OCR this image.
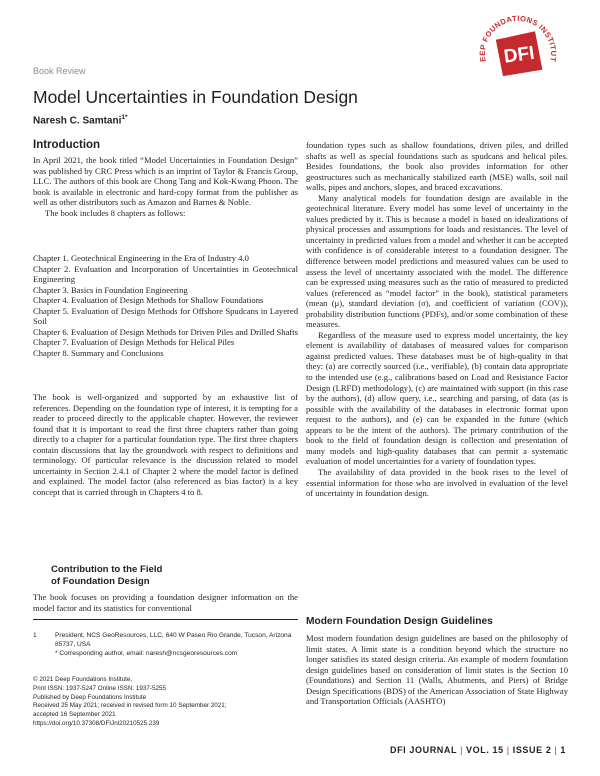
Book Review
Model Uncertainties in Foundation Design
Naresh C. Samtani$^{1*}$
EEP FOUNDATIONS INSTITUT
DFI
Introduction

In April 2021, the book titled “Model Uncertainties in Foundation Design” was published by CRC Press which is an imprint of Taylor & Francis Group, LLC. The authors of this book are Chong Tang and Kok-Kwang Phoon. The book is available in electronic and hard-copy format from the publisher as well as other distributors such as Amazon and Barnes & Noble.

The book includes 8 chapters as follows:

Chapter 1. Geotechnical Engineering in the Era of Industry 4.0
Chapter 2. Evaluation and Incorporation of Uncertainties in Geotechnical Engineering
Chapter 3. Basics in Foundation Engineering
Chapter 4. Evaluation of Design Methods for Shallow Foundations
Chapter 5. Evaluation of Design Methods for Offshore Spudcans in Layered Soil
Chapter 6. Evaluation of Design Methods for Driven Piles and Drilled Shafts
Chapter 7. Evaluation of Design Methods for Helical Piles
Chapter 8. Summary and Conclusions
The book is well-organized and supported by an exhaustive list of references. Depending on the foundation type of interest, it is tempting for a reader to proceed directly to the applicable chapter. However, the reviewer found that it is important to read the first three chapters rather than going directly to a chapter for a particular foundation type. The first three chapters contain discussions that lay the groundwork with respect to definitions and terminology. Of particular relevance is the discussion related to model uncertainty in Section 2.4.1 of Chapter 2 where the model factor is defined and explained. The model factor (also referenced as bias factor) is a key concept that is carried through in Chapters 4 to 8.
Contribution to the Field
of Foundation Design
The book focuses on providing a foundation designer information on the model factor and its statistics for conventional
1	President, NCS GeoResources, LLC, 640 W Paseo Rio Grande, Tucson, Arizona 85737, USA
* Corresponding author, email: naresh@ncsgeoresources.com
© 2021 Deep Foundations Institute,
Print ISSN: 1937-5247 Online ISSN: 1937-5255
Published by Deep Foundations Institute
Received 25 May 2021; received in revised form 10 September 2021;
accepted 16 September 2021
https://doi.org/10.37308/DFIJnl20210525.239

foundation types such as shallow foundations, driven piles, and drilled shafts as well as special foundations such as spudcans and helical piles. Besides foundations, the book also provides information for other geostructures such as mechanically stabilized earth (MSE) walls, soil nail walls, pipes and anchors, slopes, and braced excavations.

Many analytical models for foundation design are available in the geotechnical literature. Every model has some level of uncertainty in the values predicted by it. This is because a model is based on idealizations of physical processes and assumptions for loads and resistances. The level of uncertainty in predicted values from a model and whether it can be accepted with confidence is of considerable interest to a foundation designer. The difference between model predictions and measured values can be used to assess the level of uncertainty associated with the model. The difference can be expressed using measures such as the ratio of measured to predicted values (referenced as “model factor” in the book), statistical parameters (mean (μ), standard deviation (σ), and coefficient of variation (COV)), probability distribution functions (PDFs), and/or some combination of these measures.

Regardless of the measure used to express model uncertainty, the key element is availability of databases of measured values for comparison against predicted values. These databases must be of high-quality in that they: (a) are correctly sourced (i.e., verifiable), (b) contain data appropriate to the intended use (e.g., calibrations based on Load and Resistance Factor Design (LRFD) methodology), (c) are maintained with support (in this case by the authors), (d) allow query, i.e., searching and parsing, of data (as is possible with the availability of the databases in electronic format upon request to the authors), and (e) can be expanded in the future (which appears to be the intent of the authors). The primary contribution of the book to the field of foundation design is collection and presentation of many models and high-quality databases that can permit a systematic evaluation of model uncertainties for a variety of foundation types.

The availability of data provided in the book rises to the level of essential information for those who are involved in evaluation of the level of uncertainty in foundation design.

Modern Foundation Design Guidelines
Most modern foundation design guidelines are based on the philosophy of limit states. A limit state is a condition beyond which the structure no longer satisfies its stated design criteria. An example of modern foundation design guidelines based on consideration of limit states is the Section 10 (Foundations) and Section 11 (Walls, Abutments, and Piers) of Bridge Design Specifications (BDS) of the American Association of State Highway and Transportation Officials (AASHTO)
DFI JOURNAL | VOL. 15 | ISSUE 2 | 1
